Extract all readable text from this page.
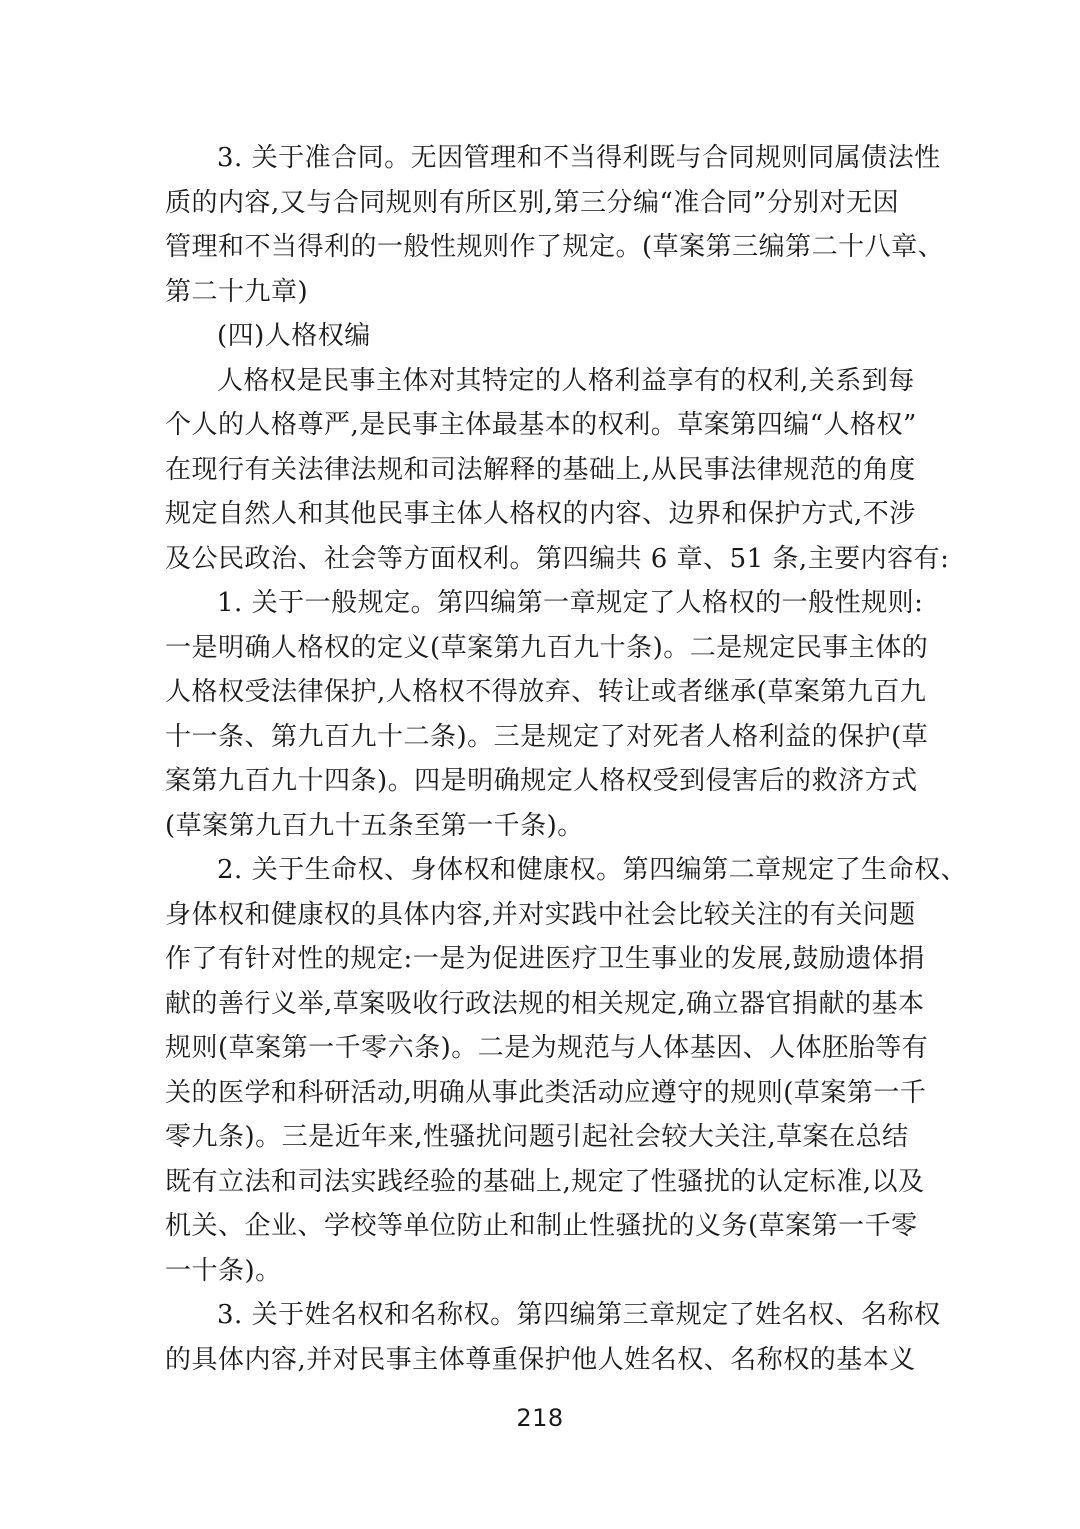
3. 关于准合同。无因管理和不当得利既与合同规则同属债法性
质的内容,又与合同规则有所区别,第三分编“准合同”分别对无因
管理和不当得利的一般性规则作了规定。(草案第三编第二十八章、
第二十九章)
(四)人格权编
人格权是民事主体对其特定的人格利益享有的权利,关系到每
个人的人格尊严,是民事主体最基本的权利。草案第四编“人格权”
在现行有关法律法规和司法解释的基础上,从民事法律规范的角度
规定自然人和其他民事主体人格权的内容、边界和保护方式,不涉
及公民政治、社会等方面权利。第四编共 6 章、51 条,主要内容有:
1. 关于一般规定。第四编第一章规定了人格权的一般性规则:
一是明确人格权的定义(草案第九百九十条)。二是规定民事主体的
人格权受法律保护,人格权不得放弃、转让或者继承(草案第九百九
十一条、第九百九十二条)。三是规定了对死者人格利益的保护(草
案第九百九十四条)。四是明确规定人格权受到侵害后的救济方式
(草案第九百九十五条至第一千条)。
2. 关于生命权、身体权和健康权。第四编第二章规定了生命权、
身体权和健康权的具体内容,并对实践中社会比较关注的有关问题
作了有针对性的规定:一是为促进医疗卫生事业的发展,鼓励遗体捐
献的善行义举,草案吸收行政法规的相关规定,确立器官捐献的基本
规则(草案第一千零六条)。二是为规范与人体基因、人体胚胎等有
关的医学和科研活动,明确从事此类活动应遵守的规则(草案第一千
零九条)。三是近年来,性骚扰问题引起社会较大关注,草案在总结
既有立法和司法实践经验的基础上,规定了性骚扰的认定标准,以及
机关、企业、学校等单位防止和制止性骚扰的义务(草案第一千零
一十条)。
3. 关于姓名权和名称权。第四编第三章规定了姓名权、名称权
的具体内容,并对民事主体尊重保护他人姓名权、名称权的基本义
218
